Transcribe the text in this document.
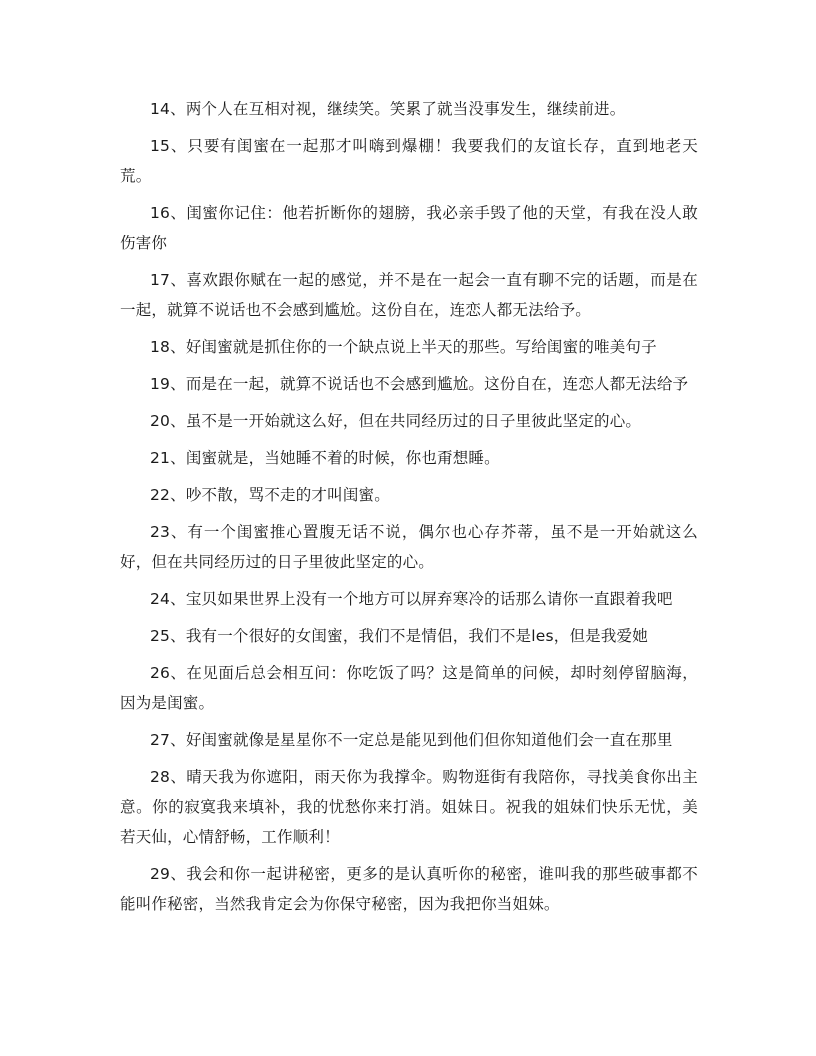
14、两个人在互相对视，继续笑。笑累了就当没事发生，继续前进。

15、只要有闺蜜在一起那才叫嗨到爆棚！我要我们的友谊长存，直到地老天荒。

16、闺蜜你记住：他若折断你的翅膀，我必亲手毁了他的天堂，有我在没人敢伤害你

17、喜欢跟你赋在一起的感觉，并不是在一起会一直有聊不完的话题，而是在一起，就算不说话也不会感到尴尬。这份自在，连恋人都无法给予。

18、好闺蜜就是抓住你的一个缺点说上半天的那些。写给闺蜜的唯美句子

19、而是在一起，就算不说话也不会感到尴尬。这份自在，连恋人都无法给予

20、虽不是一开始就这么好，但在共同经历过的日子里彼此坚定的心。

21、闺蜜就是，当她睡不着的时候，你也甭想睡。

22、吵不散，骂不走的才叫闺蜜。

23、有一个闺蜜推心置腹无话不说，偶尔也心存芥蒂，虽不是一开始就这么好，但在共同经历过的日子里彼此坚定的心。

24、宝贝如果世界上没有一个地方可以屏弃寒冷的话那么请你一直跟着我吧

25、我有一个很好的女闺蜜，我们不是情侣，我们不是les，但是我爱她

26、在见面后总会相互问：你吃饭了吗？这是简单的问候，却时刻停留脑海，因为是闺蜜。

27、好闺蜜就像是星星你不一定总是能见到他们但你知道他们会一直在那里

28、晴天我为你遮阳，雨天你为我撑伞。购物逛街有我陪你，寻找美食你出主意。你的寂寞我来填补，我的忧愁你来打消。姐妹日。祝我的姐妹们快乐无忧，美若天仙，心情舒畅，工作顺利！

29、我会和你一起讲秘密，更多的是认真听你的秘密，谁叫我的那些破事都不能叫作秘密，当然我肯定会为你保守秘密，因为我把你当姐妹。
